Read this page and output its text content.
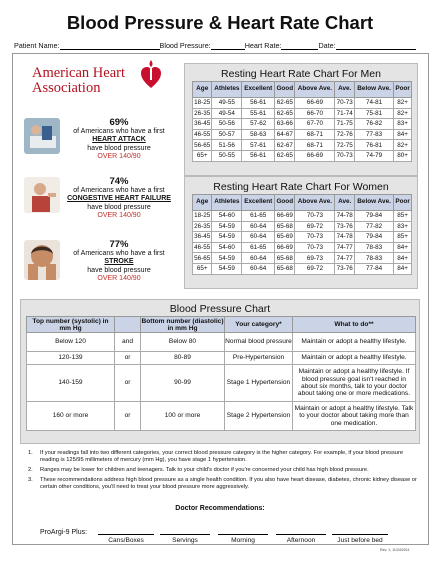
Blood Pressure & Heart Rate Chart
Patient Name:	Blood Pressure:	Heart Rate:	Date:
American Heart
Association
69%
of Americans who have a first
HEART ATTACK
have blood pressure
OVER 140/90
74%
of Americans who have a first
CONGESTIVE HEART FAILURE
have blood pressure
OVER 140/90
77%
of Americans who have a first
STROKE
have blood pressure
OVER 140/90
Resting Heart Rate Chart For Men
Age	Athletes	Excellent	Good	Above Ave.	Ave.	Below Ave.	Poor
18-25	49-55	56-61	62-65	66-69	70-73	74-81	82+
26-35	49-54	55-61	62-65	66-70	71-74	75-81	82+
36-45	50-56	57-62	63-66	67-70	71-75	76-82	83+
46-55	50-57	58-63	64-67	68-71	72-76	77-83	84+
56-65	51-56	57-61	62-67	68-71	72-75	76-81	82+
65+	50-55	56-61	62-65	66-69	70-73	74-79	80+
Resting Heart Rate Chart For Women
Age	Athletes	Excellent	Good	Above Ave.	Ave.	Below Ave.	Poor
18-25	54-60	61-65	66-69	70-73	74-78	79-84	85+
26-35	54-59	60-64	65-68	69-72	73-76	77-82	83+
36-45	54-59	60-64	65-69	70-73	74-78	79-84	85+
46-55	54-60	61-65	66-69	70-73	74-77	78-83	84+
56-65	54-59	60-64	65-68	69-73	74-77	78-83	84+
65+	54-59	60-64	65-68	69-72	73-76	77-84	84+
Blood Pressure Chart
Top number (systolic) in mm Hg		Bottom number (diastolic) in mm Hg	Your category*	What to do**
Below 120	and	Below 80	Normal blood pressure	Maintain or adopt a healthy lifestyle.
120-139	or	80-89	Pre-Hypertension	Maintain or adopt a healthy lifestyle.
140-159	or	90-99	Stage 1 Hypertension	Maintain or adopt a healthy lifestyle. If blood pressure goal isn't reached in about six months, talk to your doctor about taking one or more medications.
160 or more	or	100 or more	Stage 2 Hypertension	Maintain or adopt a healthy lifestyle. Talk to your doctor about taking more than one medication.
1. If your readings fall into two different categories, your correct blood pressure category is the higher category. For example, if your blood pressure reading is 125/95 millimeters of mercury (mm Hg), you have stage 1 hypertension.
2. Ranges may be lower for children and teenagers. Talk to your child's doctor if you're concerned your child has high blood pressure.
3. These recommendations address high blood pressure as a single health condition. If you also have heart disease, diabetes, chronic kidney disease or certain other conditions, you'll need to treat your blood pressure more aggressively.
Doctor Recommendations:
ProArgi-9 Plus:
Cans/Boxes	Servings	Morning	Afternoon	Just before bed
Rev. 1, 11/24/2011
